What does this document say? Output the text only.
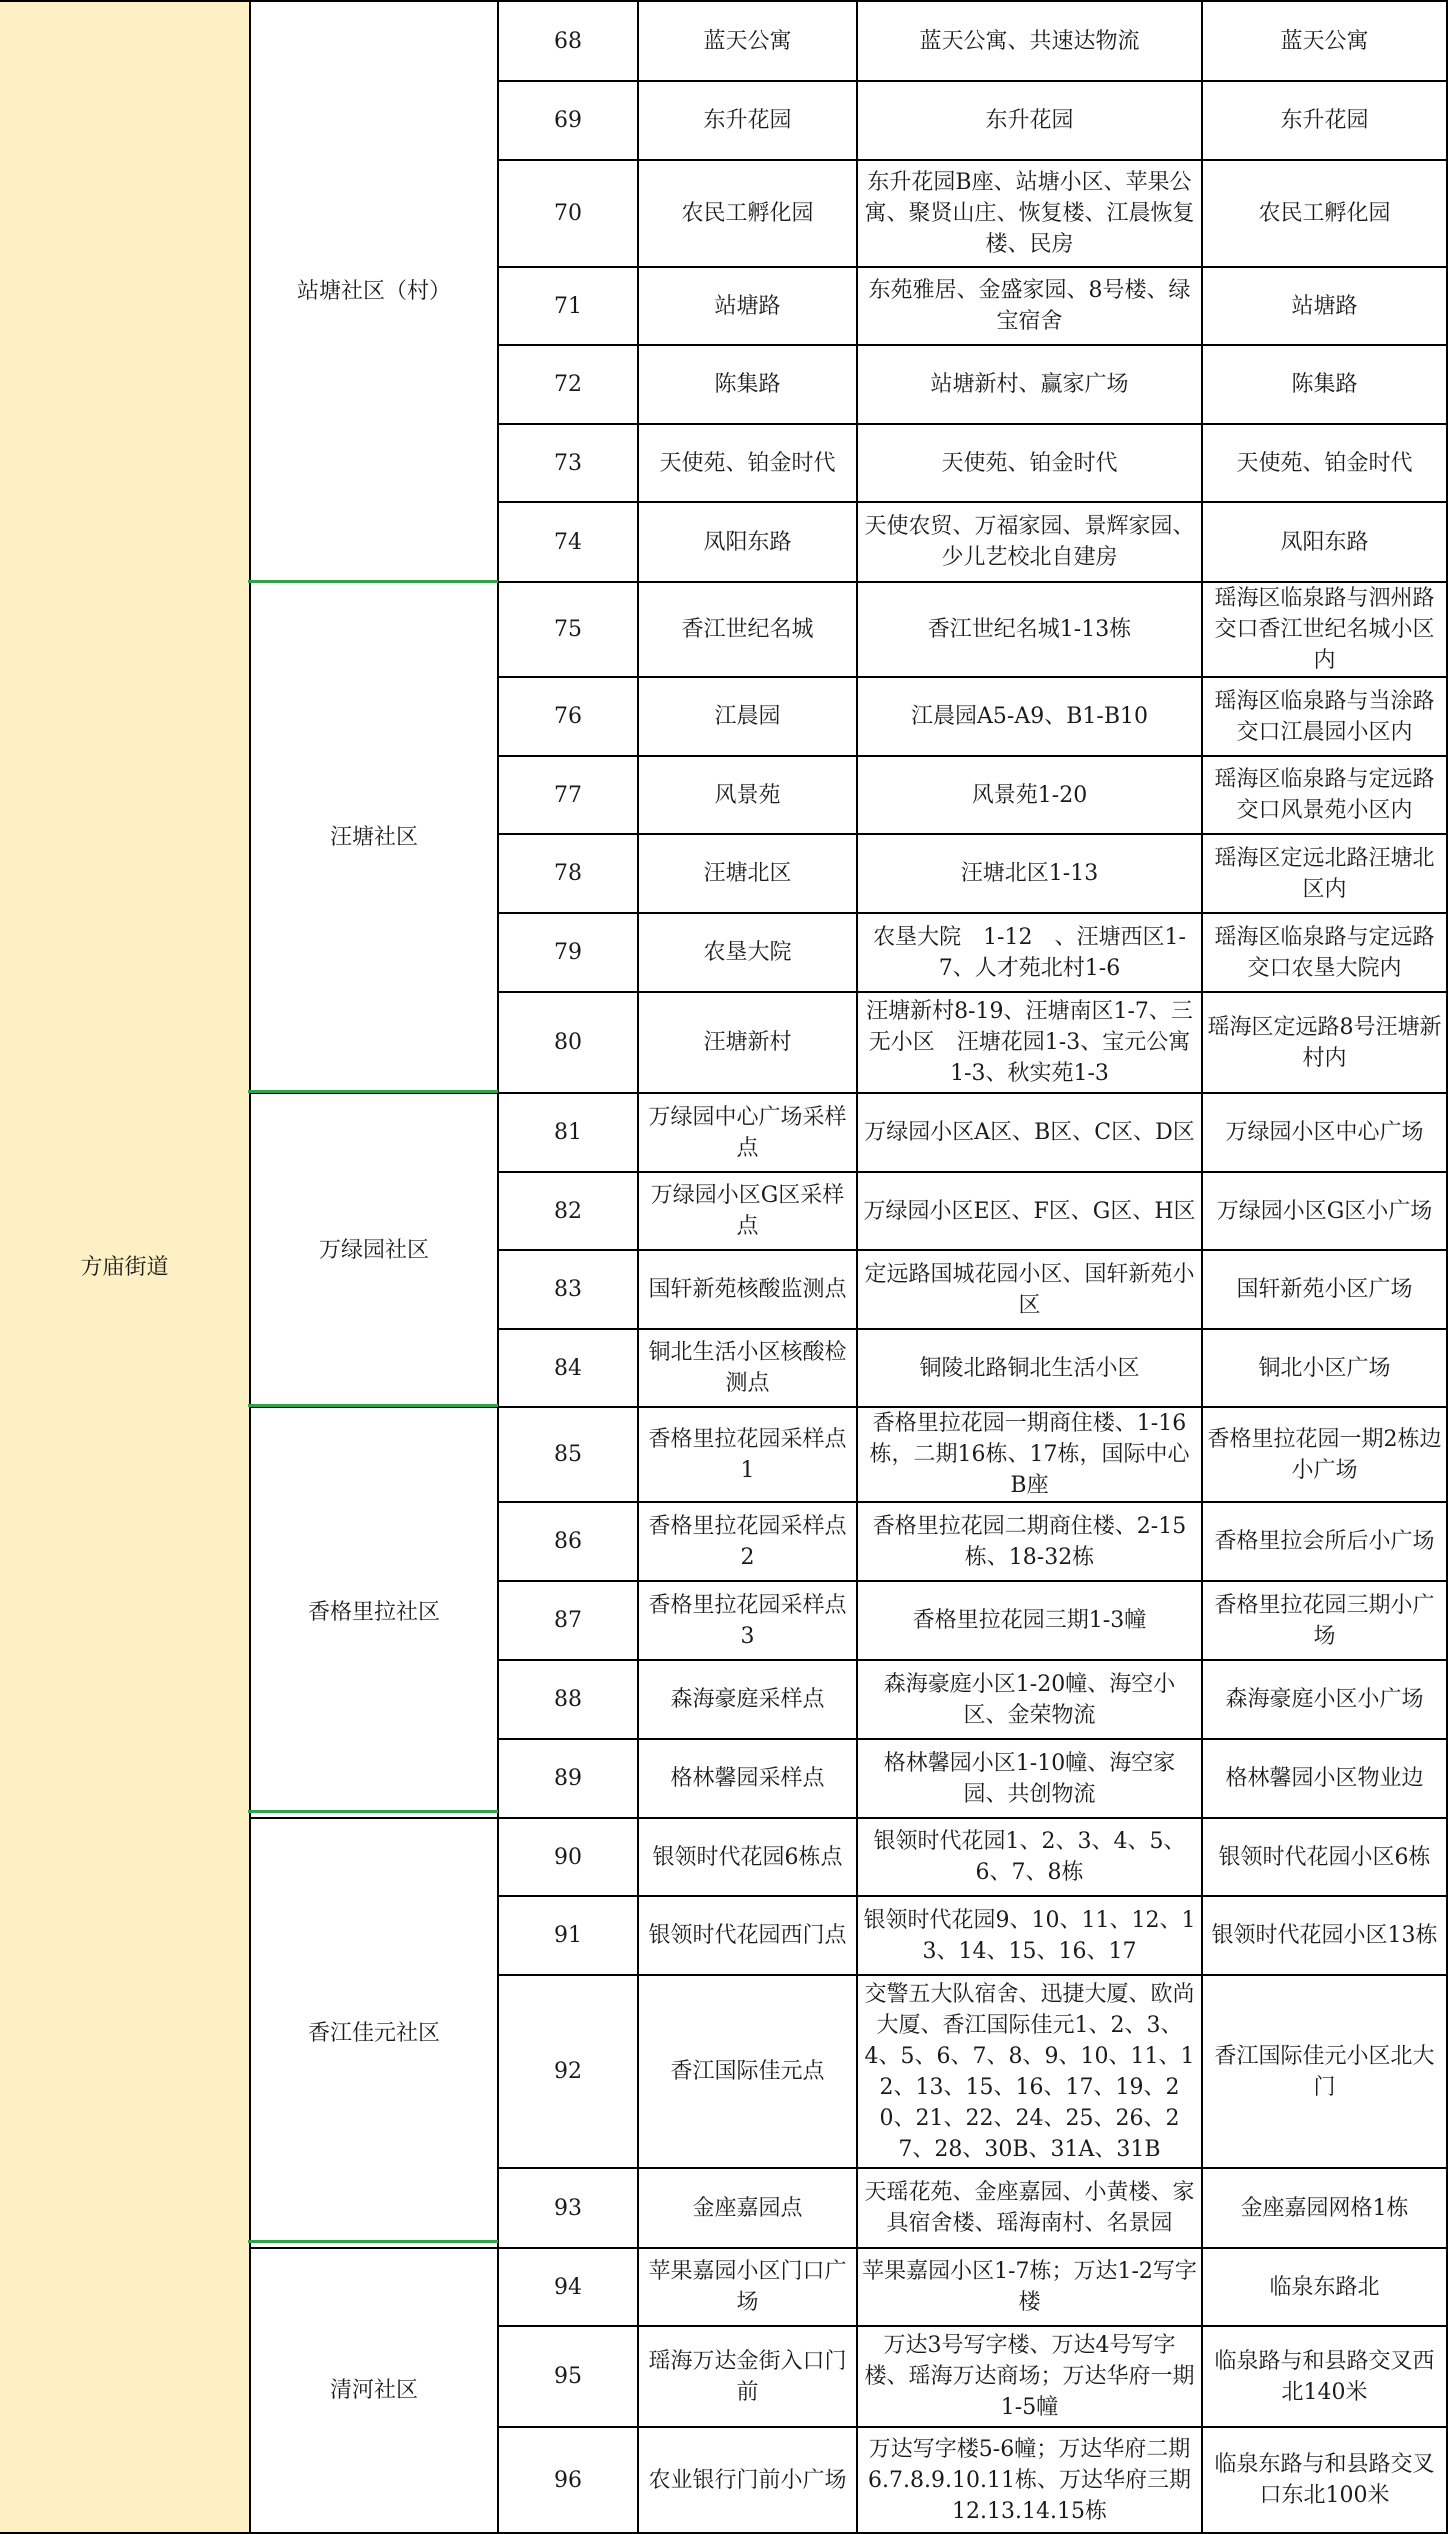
方庙街道	站塘社区（村）	68	蓝天公寓	蓝天公寓、共速达物流	蓝天公寓
		69	东升花园	东升花园	东升花园
		70	农民工孵化园	东升花园B座、站塘小区、苹果公寓、聚贤山庄、恢复楼、江晨恢复楼、民房	农民工孵化园
		71	站塘路	东苑雅居、金盛家园、8号楼、绿宝宿舍	站塘路
		72	陈集路	站塘新村、赢家广场	陈集路
		73	天使苑、铂金时代	天使苑、铂金时代	天使苑、铂金时代
		74	凤阳东路	天使农贸、万福家园、景辉家园、少儿艺校北自建房	凤阳东路
	汪塘社区	75	香江世纪名城	香江世纪名城1-13栋	瑶海区临泉路与泗州路交口香江世纪名城小区内
		76	江晨园	江晨园A5-A9、B1-B10	瑶海区临泉路与当涂路交口江晨园小区内
		77	风景苑	风景苑1-20	瑶海区临泉路与定远路交口风景苑小区内
		78	汪塘北区	汪塘北区1-13	瑶海区定远北路汪塘北区内
		79	农垦大院	农垦大院　1-12　、汪塘西区1-7、人才苑北村1-6	瑶海区临泉路与定远路交口农垦大院内
		80	汪塘新村	汪塘新村8-19、汪塘南区1-7、三无小区　汪塘花园1-3、宝元公寓1-3、秋实苑1-3	瑶海区定远路8号汪塘新村内
	万绿园社区	81	万绿园中心广场采样点	万绿园小区A区、B区、C区、D区	万绿园小区中心广场
		82	万绿园小区G区采样点	万绿园小区E区、F区、G区、H区	万绿园小区G区小广场
		83	国轩新苑核酸监测点	定远路国城花园小区、国轩新苑小区	国轩新苑小区广场
		84	铜北生活小区核酸检测点	铜陵北路铜北生活小区	铜北小区广场
	香格里拉社区	85	香格里拉花园采样点1	香格里拉花园一期商住楼、1-16栋，二期16栋、17栋，国际中心B座	香格里拉花园一期2栋边小广场
		86	香格里拉花园采样点2	香格里拉花园二期商住楼、2-15栋、18-32栋	香格里拉会所后小广场
		87	香格里拉花园采样点3	香格里拉花园三期1-3幢	香格里拉花园三期小广场
		88	森海豪庭采样点	森海豪庭小区1-20幢、海空小区、金荣物流	森海豪庭小区小广场
		89	格林馨园采样点	格林馨园小区1-10幢、海空家园、共创物流	格林馨园小区物业边
	香江佳元社区	90	银领时代花园6栋点	银领时代花园1、2、3、4、5、6、7、8栋	银领时代花园小区6栋
		91	银领时代花园西门点	银领时代花园9、10、11、12、13、14、15、16、17	银领时代花园小区13栋
		92	香江国际佳元点	交警五大队宿舍、迅捷大厦、欧尚大厦、香江国际佳元1、2、3、4、5、6、7、8、9、10、11、12、13、15、16、17、19、20、21、22、24、25、26、27、28、30B、31A、31B	香江国际佳元小区北大门
		93	金座嘉园点	天瑶花苑、金座嘉园、小黄楼、家具宿舍楼、瑶海南村、名景园	金座嘉园网格1栋
	清河社区	94	苹果嘉园小区门口广场	苹果嘉园小区1-7栋；万达1-2写字楼	临泉东路北
		95	瑶海万达金街入口门前	万达3号写字楼、万达4号写字楼、瑶海万达商场；万达华府一期1-5幢	临泉路与和县路交叉西北140米
		96	农业银行门前小广场	万达写字楼5-6幢；万达华府二期6.7.8.9.10.11栋、万达华府三期12.13.14.15栋	临泉东路与和县路交叉口东北100米
